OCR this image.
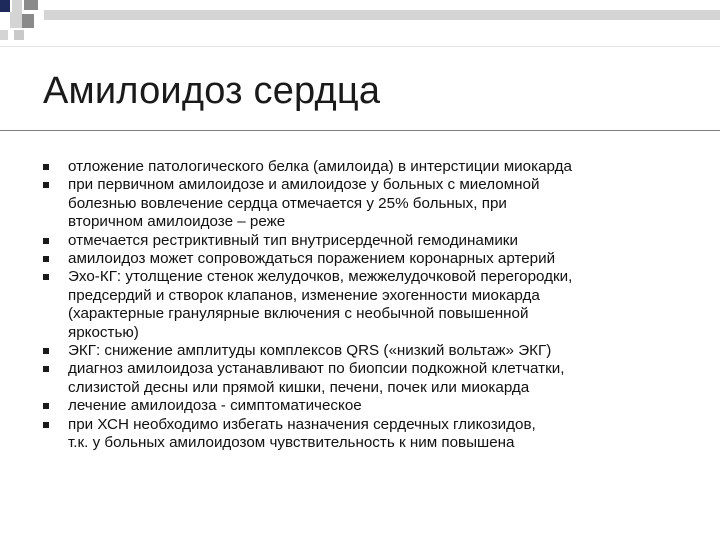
Амилоидоз сердца
отложение патологического белка (амилоида) в интерстиции миокарда
при первичном амилоидозе и амилоидозе у больных с миеломной
болезнью вовлечение сердца отмечается у 25% больных, при
вторичном амилоидозе – реже
отмечается рестриктивный тип внутрисердечной гемодинамики
амилоидоз может сопровождаться поражением коронарных артерий
Эхо-КГ: утолщение стенок желудочков, межжелудочковой перегородки,
предсердий и створок клапанов, изменение эхогенности миокарда
(характерные гранулярные включения с необычной повышенной
яркостью)
ЭКГ: снижение амплитуды комплексов QRS («низкий вольтаж» ЭКГ)
диагноз амилоидоза устанавливают по биопсии подкожной клетчатки,
слизистой десны или прямой кишки, печени, почек или миокарда
лечение амилоидоза - симптоматическое
при ХСН необходимо избегать назначения сердечных гликозидов,
т.к. у больных амилоидозом чувствительность к ним повышена
